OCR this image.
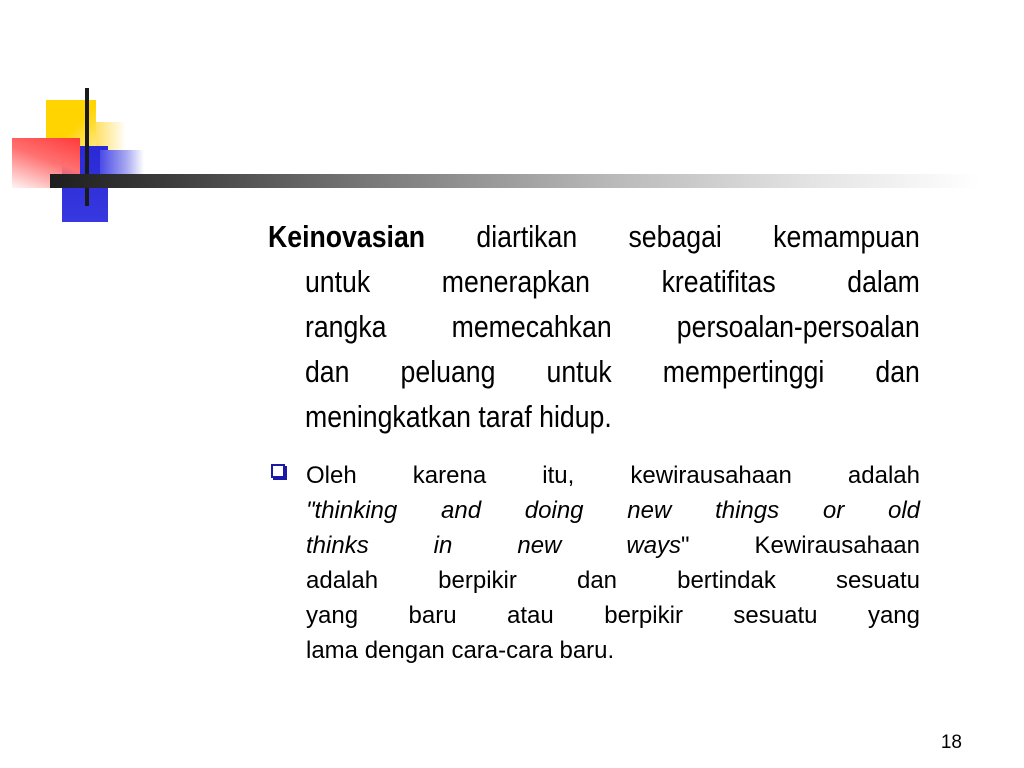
Keinovasian diartikan sebagai kemampuan
untuk menerapkan kreatifitas dalam
rangka memecahkan persoalan-persoalan
dan peluang untuk mempertinggi dan
meningkatkan taraf hidup.
Oleh karena itu, kewirausahaan adalah
"thinking and doing new things or old
thinks in new ways" Kewirausahaan
adalah berpikir dan bertindak sesuatu
yang baru atau berpikir sesuatu yang
lama dengan cara-cara baru.
18
